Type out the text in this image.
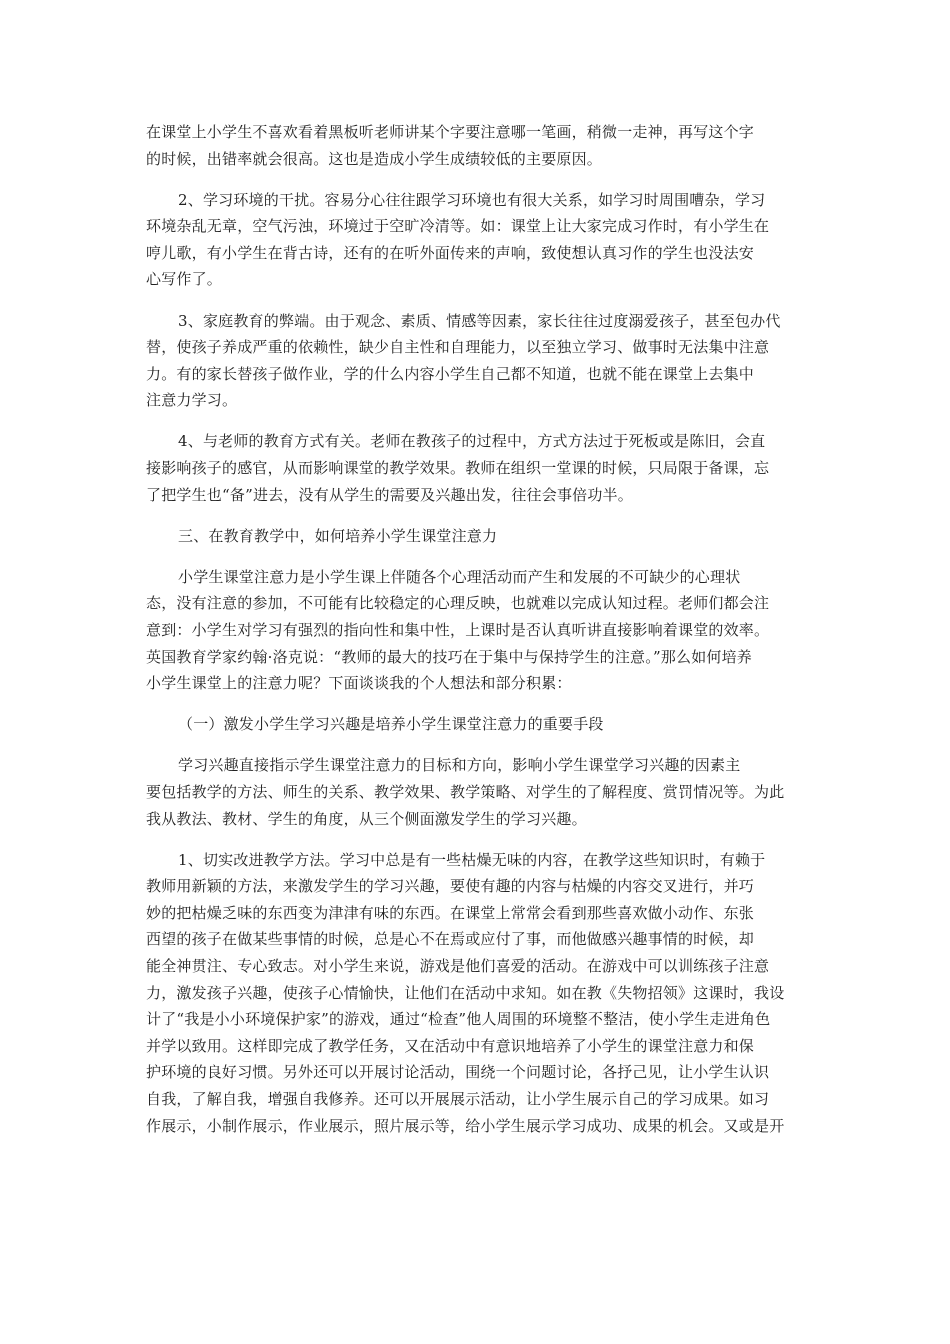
在课堂上小学生不喜欢看着黑板听老师讲某个字要注意哪一笔画，稍微一走神，再写这个字
的时候，出错率就会很高。这也是造成小学生成绩较低的主要原因。
2、学习环境的干扰。容易分心往往跟学习环境也有很大关系，如学习时周围嘈杂，学习
环境杂乱无章，空气污浊，环境过于空旷冷清等。如：课堂上让大家完成习作时，有小学生在
哼儿歌，有小学生在背古诗，还有的在听外面传来的声响，致使想认真习作的学生也没法安
心写作了。
3、家庭教育的弊端。由于观念、素质、情感等因素，家长往往过度溺爱孩子，甚至包办代
替，使孩子养成严重的依赖性，缺少自主性和自理能力，以至独立学习、做事时无法集中注意
力。有的家长替孩子做作业，学的什么内容小学生自己都不知道，也就不能在课堂上去集中
注意力学习。
4、与老师的教育方式有关。老师在教孩子的过程中，方式方法过于死板或是陈旧，会直
接影响孩子的感官，从而影响课堂的教学效果。教师在组织一堂课的时候，只局限于备课，忘
了把学生也“备”进去，没有从学生的需要及兴趣出发，往往会事倍功半。
三、在教育教学中，如何培养小学生课堂注意力
小学生课堂注意力是小学生课上伴随各个心理活动而产生和发展的不可缺少的心理状
态，没有注意的参加，不可能有比较稳定的心理反映，也就难以完成认知过程。老师们都会注
意到：小学生对学习有强烈的指向性和集中性，上课时是否认真听讲直接影响着课堂的效率。
英国教育学家约翰·洛克说：“教师的最大的技巧在于集中与保持学生的注意。”那么如何培养
小学生课堂上的注意力呢？下面谈谈我的个人想法和部分积累：
（一）激发小学生学习兴趣是培养小学生课堂注意力的重要手段
学习兴趣直接指示学生课堂注意力的目标和方向，影响小学生课堂学习兴趣的因素主
要包括教学的方法、师生的关系、教学效果、教学策略、对学生的了解程度、赏罚情况等。为此
我从教法、教材、学生的角度，从三个侧面激发学生的学习兴趣。
1、切实改进教学方法。学习中总是有一些枯燥无味的内容，在教学这些知识时，有赖于
教师用新颖的方法，来激发学生的学习兴趣，要使有趣的内容与枯燥的内容交叉进行，并巧
妙的把枯燥乏味的东西变为津津有味的东西。在课堂上常常会看到那些喜欢做小动作、东张
西望的孩子在做某些事情的时候，总是心不在焉或应付了事，而他做感兴趣事情的时候，却
能全神贯注、专心致志。对小学生来说，游戏是他们喜爱的活动。在游戏中可以训练孩子注意
力，激发孩子兴趣，使孩子心情愉快，让他们在活动中求知。如在教《失物招领》这课时，我设
计了“我是小小环境保护家”的游戏，通过“检查”他人周围的环境整不整洁，使小学生走进角色
并学以致用。这样即完成了教学任务，又在活动中有意识地培养了小学生的课堂注意力和保
护环境的良好习惯。另外还可以开展讨论活动，围绕一个问题讨论，各抒己见，让小学生认识
自我，了解自我，增强自我修养。还可以开展展示活动，让小学生展示自己的学习成果。如习
作展示，小制作展示，作业展示，照片展示等，给小学生展示学习成功、成果的机会。又或是开
